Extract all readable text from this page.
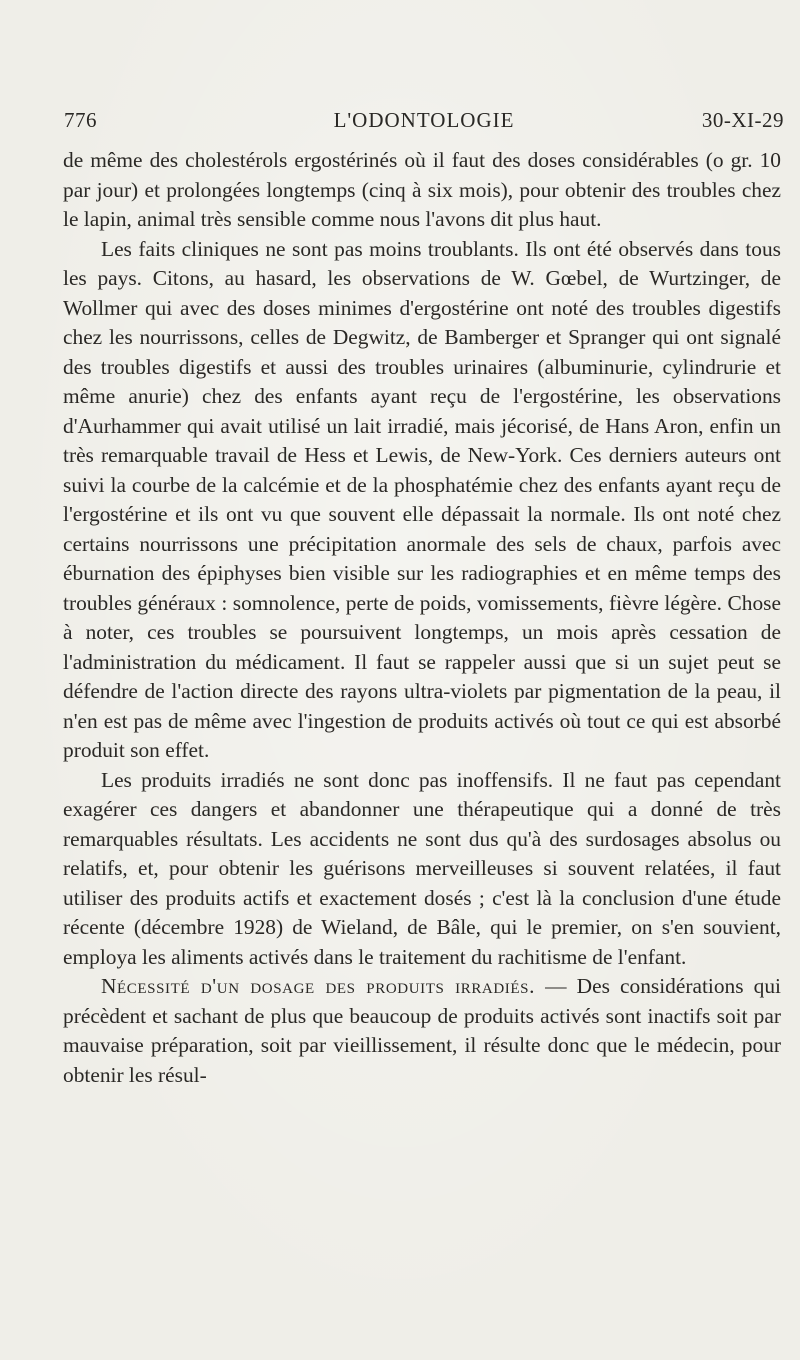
776	L'ODONTOLOGIE	30-XI-29

de même des cholestérols ergostérinés où il faut des doses considérables (o gr. 10 par jour) et prolongées longtemps (cinq à six mois), pour obtenir des troubles chez le lapin, animal très sensible comme nous l'avons dit plus haut.

Les faits cliniques ne sont pas moins troublants. Ils ont été observés dans tous les pays. Citons, au hasard, les observations de W. Gœbel, de Wurtzinger, de Wollmer qui avec des doses minimes d'ergostérine ont noté des troubles digestifs chez les nourrissons, celles de Degwitz, de Bamberger et Spranger qui ont signalé des troubles digestifs et aussi des troubles urinaires (albuminurie, cylindrurie et même anurie) chez des enfants ayant reçu de l'ergostérine, les observations d'Aurhammer qui avait utilisé un lait irradié, mais jécorisé, de Hans Aron, enfin un très remarquable travail de Hess et Lewis, de New-York. Ces derniers auteurs ont suivi la courbe de la calcémie et de la phosphatémie chez des enfants ayant reçu de l'ergostérine et ils ont vu que souvent elle dépassait la normale. Ils ont noté chez certains nourrissons une précipitation anormale des sels de chaux, parfois avec éburnation des épiphyses bien visible sur les radiographies et en même temps des troubles généraux : somnolence, perte de poids, vomissements, fièvre légère. Chose à noter, ces troubles se poursuivent longtemps, un mois après cessation de l'administration du médicament. Il faut se rappeler aussi que si un sujet peut se défendre de l'action directe des rayons ultra-violets par pigmentation de la peau, il n'en est pas de même avec l'ingestion de produits activés où tout ce qui est absorbé produit son effet.

Les produits irradiés ne sont donc pas inoffensifs. Il ne faut pas cependant exagérer ces dangers et abandonner une thérapeutique qui a donné de très remarquables résultats. Les accidents ne sont dus qu'à des surdosages absolus ou relatifs, et, pour obtenir les guérisons merveilleuses si souvent relatées, il faut utiliser des produits actifs et exactement dosés ; c'est là la conclusion d'une étude récente (décembre 1928) de Wieland, de Bâle, qui le premier, on s'en souvient, employa les aliments activés dans le traitement du rachitisme de l'enfant.

Nécessité d'un dosage des produits irradiés. — Des considérations qui précèdent et sachant de plus que beaucoup de produits activés sont inactifs soit par mauvaise préparation, soit par vieillissement, il résulte donc que le médecin, pour obtenir les résul-
